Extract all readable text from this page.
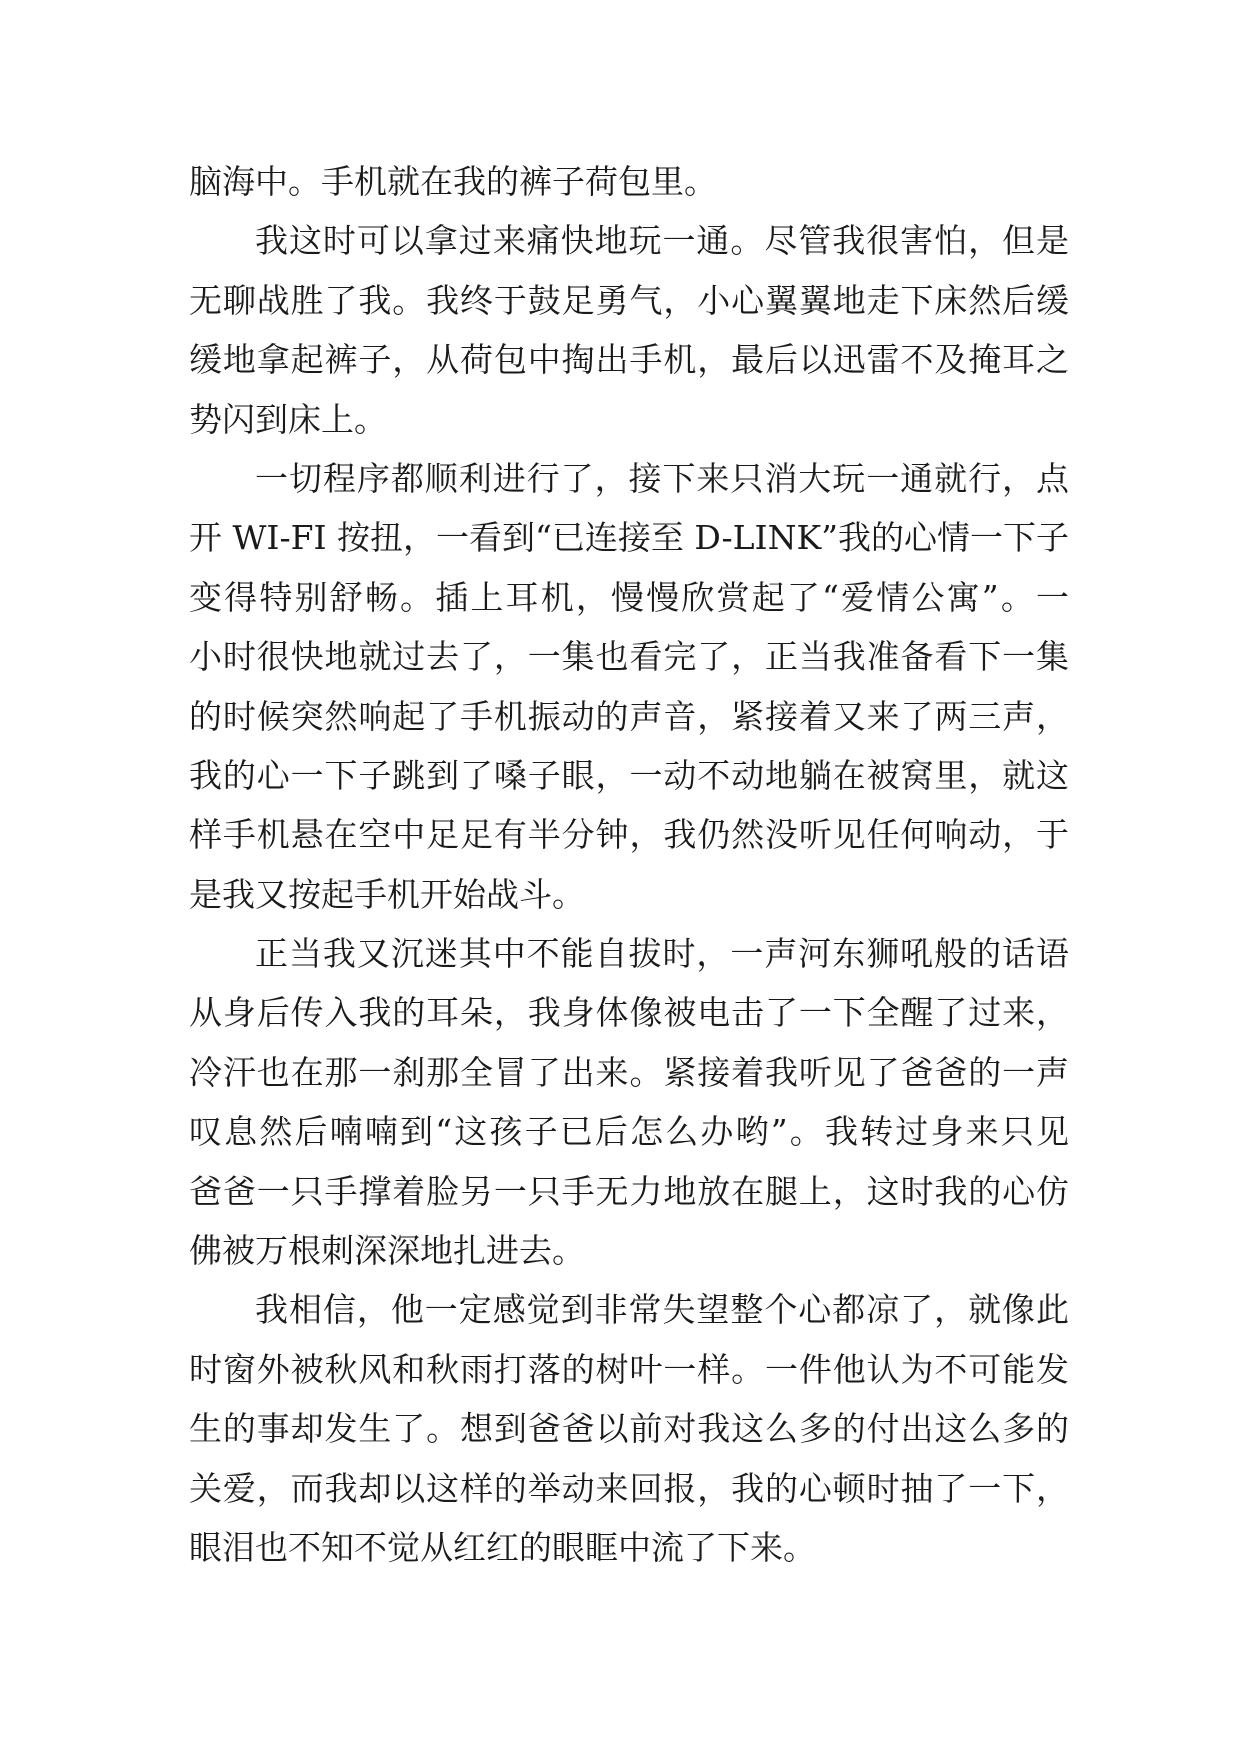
脑海中。手机就在我的裤子荷包里。
我这时可以拿过来痛快地玩一通。尽管我很害怕，但是
无聊战胜了我。我终于鼓足勇气，小心翼翼地走下床然后缓
缓地拿起裤子，从荷包中掏出手机，最后以迅雷不及掩耳之
势闪到床上。
一切程序都顺利进行了，接下来只消大玩一通就行，点
开 WI-FI 按扭，一看到“已连接至 D-LINK”我的心情一下子
变得特别舒畅。插上耳机，慢慢欣赏起了“爱情公寓”。一
小时很快地就过去了，一集也看完了，正当我准备看下一集
的时候突然响起了手机振动的声音，紧接着又来了两三声，
我的心一下子跳到了嗓子眼，一动不动地躺在被窝里，就这
样手机悬在空中足足有半分钟，我仍然没听见任何响动，于
是我又按起手机开始战斗。
正当我又沉迷其中不能自拔时，一声河东狮吼般的话语
从身后传入我的耳朵，我身体像被电击了一下全醒了过来，
冷汗也在那一刹那全冒了出来。紧接着我听见了爸爸的一声
叹息然后喃喃到“这孩子已后怎么办哟”。我转过身来只见
爸爸一只手撑着脸另一只手无力地放在腿上，这时我的心仿
佛被万根刺深深地扎进去。
我相信，他一定感觉到非常失望整个心都凉了，就像此
时窗外被秋风和秋雨打落的树叶一样。一件他认为不可能发
生的事却发生了。想到爸爸以前对我这么多的付出这么多的
关爱，而我却以这样的举动来回报，我的心顿时抽了一下，
眼泪也不知不觉从红红的眼眶中流了下来。
